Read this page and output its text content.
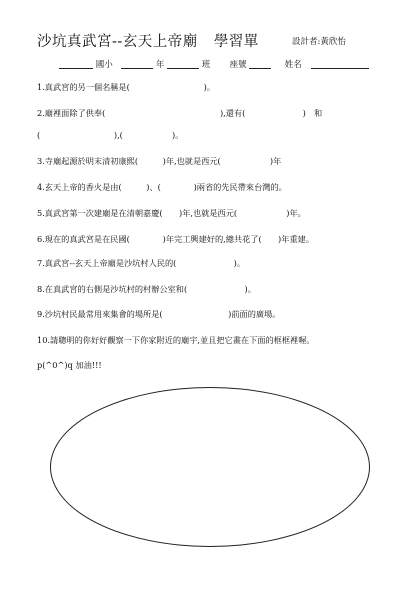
沙坑真武宮--玄天上帝廟 學習單	設計者:黃欣怡
國小	年	班 座號	姓名
1.真武宮的另一個名稱是(　　　　　　　　　)。
2.廟裡面除了供奉(　　　　　　　　　　　　　　),還有(　　　　　　　)　和
(　　　　　　　　　),(　　　　　　)。
3.寺廟起源於明末清初康熙(　　　)年,也就是西元(　　　　　　)年
4.玄天上帝的香火是由(　　　)、(　　　　)兩省的先民帶來台灣的。
5.真武宮第一次建廟是在清朝嘉慶(　　)年,也就是西元(　　　　　　)年。
6.現在的真武宮是在民國(　　　　)年完工興建好的,總共花了(　　)年重建。
7.真武宮--玄天上帝廟是沙坑村人民的(　　　　　　　)。
8.在真武宮的右側是沙坑村的村辦公室和(　　　　　　　)。
9.沙坑村民最常用來集會的場所是(　　　　　　　　)前面的廣場。
10.請聰明的你好好觀察一下你家附近的廟宇,並且把它畫在下面的框框裡喔。
p(^0^)q 加油!!!
